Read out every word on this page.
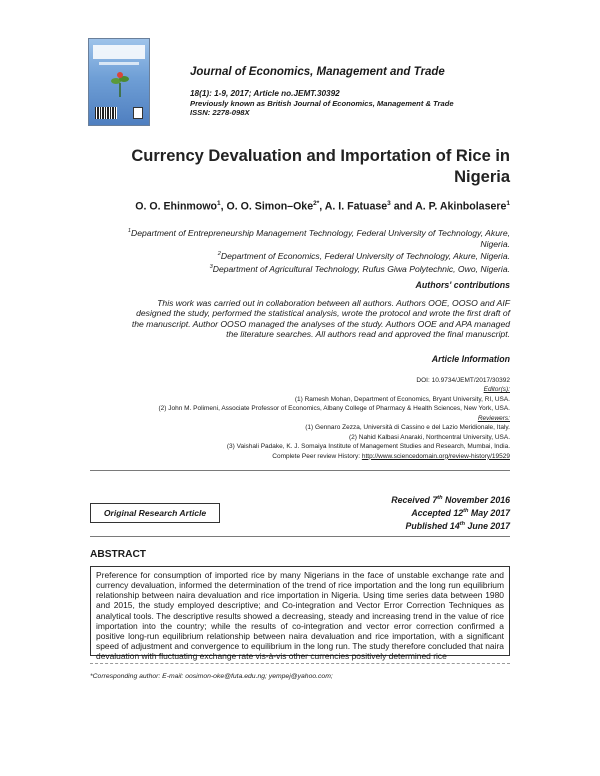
Journal of Economics, Management and Trade
18(1): 1-9, 2017; Article no.JEMT.30392
Previously known as British Journal of Economics, Management & Trade
ISSN: 2278-098X
Currency Devaluation and Importation of Rice in
Nigeria
O. O. Ehinmowo$^1$, O. O. Simon–Oke$^{2*}$, A. I. Fatuase$^3$ and A. P. Akinbolasere$^1$
$^1$Department of Entrepreneurship Management Technology, Federal University of Technology, Akure,
Nigeria.
$^2$Department of Economics, Federal University of Technology, Akure, Nigeria.
$^3$Department of Agricultural Technology, Rufus Giwa Polytechnic, Owo, Nigeria.
Authors' contributions
This work was carried out in collaboration between all authors. Authors OOE, OOSO and AIF
designed the study, performed the statistical analysis, wrote the protocol and wrote the first draft of
the manuscript. Author OOSO managed the analyses of the study. Authors OOE and APA managed
the literature searches. All authors read and approved the final manuscript.
Article Information
DOI: 10.9734/JEMT/2017/30392
Editor(s):
(1) Ramesh Mohan, Department of Economics, Bryant University, RI, USA.
(2) John M. Polimeni, Associate Professor of Economics, Albany College of Pharmacy & Health Sciences, New York, USA.
Reviewers:
(1) Gennaro Zezza, Università di Cassino e del Lazio Meridionale, Italy.
(2) Nahid Kalbasi Anaraki, Northcentral University, USA.
(3) Vaishali Padake, K. J. Somaiya Institute of Management Studies and Research, Mumbai, India.
Complete Peer review History: http://www.sciencedomain.org/review-history/19529
Received 7th November 2016
Accepted 12th May 2017
Published 14th June 2017
Original Research Article
ABSTRACT
Preference for consumption of imported rice by many Nigerians in the face of unstable exchange rate and currency devaluation, informed the determination of the trend of rice importation and the long run equilibrium relationship between naira devaluation and rice importation in Nigeria. Using time series data between 1980 and 2015, the study employed descriptive; and Co-integration and Vector Error Correction Techniques as analytical tools. The descriptive results showed a decreasing, steady and increasing trend in the value of rice importation into the country; while the results of co-integration and vector error correction confirmed a positive long-run equilibrium relationship between naira devaluation and rice importation, with a significant speed of adjustment and convergence to equilibrium in the long run. The study therefore concluded that naira devaluation with fluctuating exchange rate vis-à-vis other currencies positively determined rice
*Corresponding author: E-mail: oosimon-oke@futa.edu.ng; yempej@yahoo.com;
